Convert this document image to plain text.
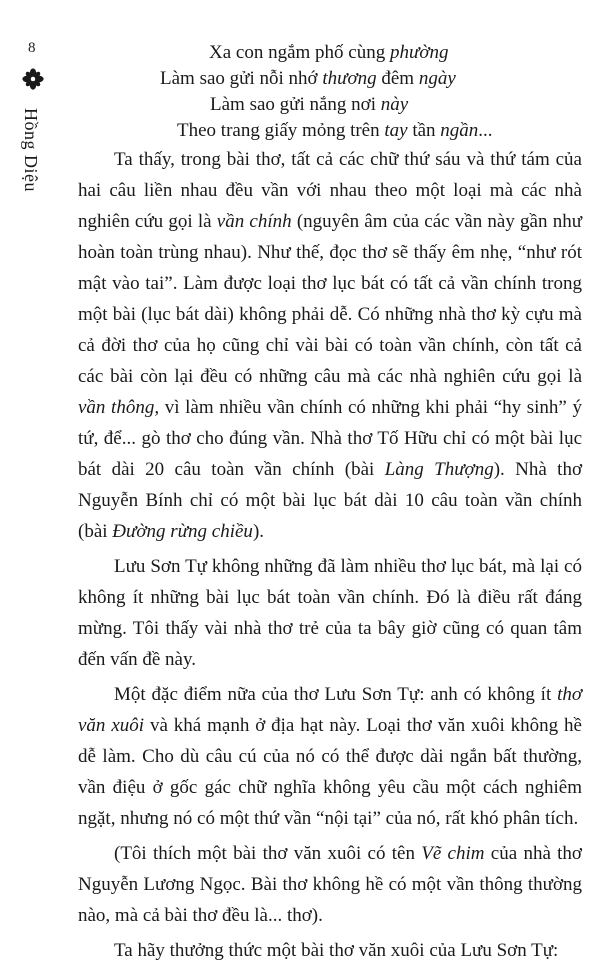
8
Hồng Diệu
Xa con ngắm phố cùng phường
Làm sao gửi nỗi nhớ thương đêm ngày
Làm sao gửi nắng nơi này
Theo trang giấy mỏng trên tay tần ngần...

Ta thấy, trong bài thơ, tất cả các chữ thứ sáu và thứ tám của hai câu liền nhau đều vần với nhau theo một loại mà các nhà nghiên cứu gọi là vần chính (nguyên âm của các vần này gần như hoàn toàn trùng nhau). Như thế, đọc thơ sẽ thấy êm nhẹ, “như rót mật vào tai”. Làm được loại thơ lục bát có tất cả vần chính trong một bài (lục bát dài) không phải dễ. Có những nhà thơ kỳ cựu mà cả đời thơ của họ cũng chỉ vài bài có toàn vần chính, còn tất cả các bài còn lại đều có những câu mà các nhà nghiên cứu gọi là vần thông, vì làm nhiều vần chính có những khi phải “hy sinh” ý tứ, để... gò thơ cho đúng vần. Nhà thơ Tố Hữu chỉ có một bài lục bát dài 20 câu toàn vần chính (bài Làng Thượng). Nhà thơ Nguyễn Bính chỉ có một bài lục bát dài 10 câu toàn vần chính (bài Đường rừng chiều).

Lưu Sơn Tự không những đã làm nhiều thơ lục bát, mà lại có không ít những bài lục bát toàn vần chính. Đó là điều rất đáng mừng. Tôi thấy vài nhà thơ trẻ của ta bây giờ cũng có quan tâm đến vấn đề này.

Một đặc điểm nữa của thơ Lưu Sơn Tự: anh có không ít thơ văn xuôi và khá mạnh ở địa hạt này. Loại thơ văn xuôi không hề dễ làm. Cho dù câu cú của nó có thể được dài ngắn bất thường, vần điệu ở gốc gác chữ nghĩa không yêu cầu một cách nghiêm ngặt, nhưng nó có một thứ vần “nội tại” của nó, rất khó phân tích.

(Tôi thích một bài thơ văn xuôi có tên Vẽ chim của nhà thơ Nguyễn Lương Ngọc. Bài thơ không hề có một vần thông thường nào, mà cả bài thơ đều là... thơ).

Ta hãy thưởng thức một bài thơ văn xuôi của Lưu Sơn Tự:
